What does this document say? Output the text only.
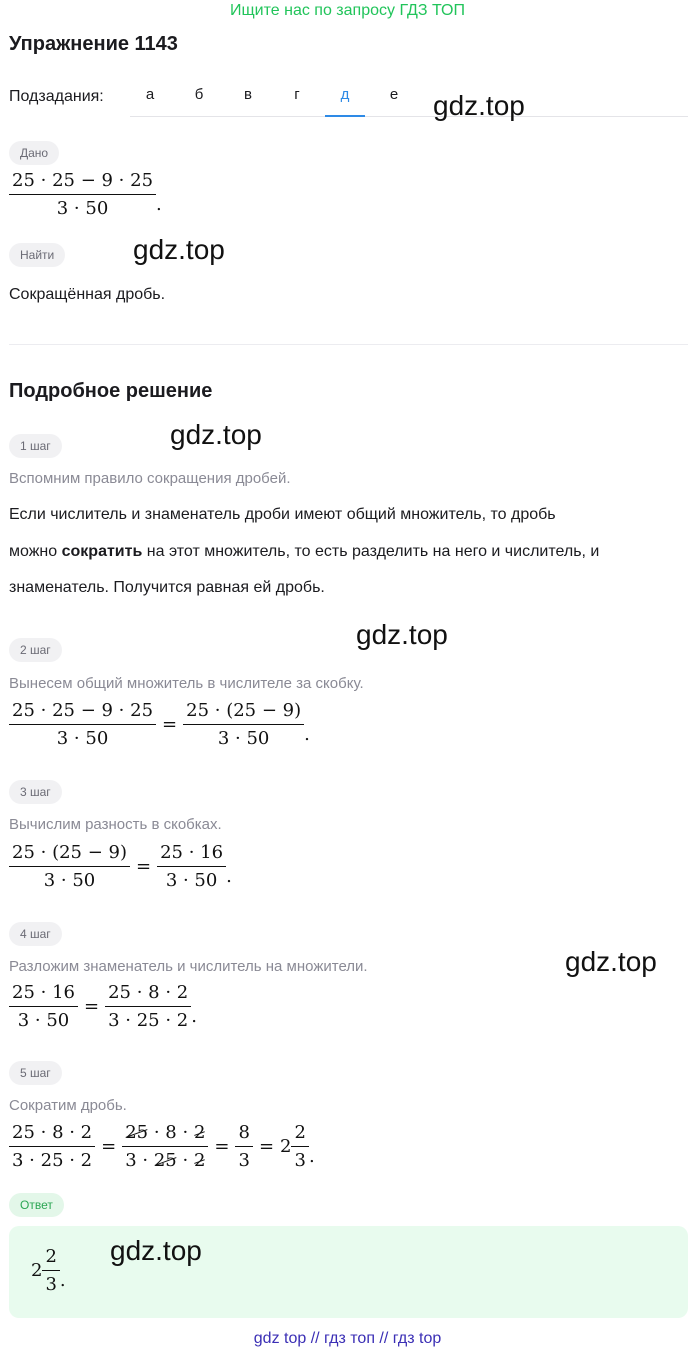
Ищите нас по запросу ГДЗ ТОП
Упражнение 1143
Подзадания:	а	б	в	г	д	е	gdz.top
Дано
$\frac{25 \cdot 25 - 9 \cdot 25}{3 \cdot 50}$ .
Найти	gdz.top
Сокращённая дробь.
Подробное решение
1 шаг	gdz.top
Вспомним правило сокращения дробей.
Если числитель и знаменатель дроби имеют общий множитель, то дробь
можно сократить на этот множитель, то есть разделить на него и числитель, и
знаменатель. Получится равная ей дробь.
gdz.top
2 шаг
Вынесем общий множитель в числителе за скобку.
$\frac{25 \cdot 25 - 9 \cdot 25}{3 \cdot 50} = \frac{25 \cdot (25 - 9)}{3 \cdot 50}$ .
3 шаг
Вычислим разность в скобках.
$\frac{25 \cdot (25 - 9)}{3 \cdot 50} = \frac{25 \cdot 16}{3 \cdot 50}$ .
4 шаг
gdz.top
Разложим знаменатель и числитель на множители.
$\frac{25 \cdot 16}{3 \cdot 50} = \frac{25 \cdot 8 \cdot 2}{3 \cdot 25 \cdot 2}$ .
5 шаг
Сократим дробь.
$\frac{25 \cdot 8 \cdot 2}{3 \cdot 25 \cdot 2} = \frac{25 \cdot 8 \cdot 2}{3 \cdot 25 \cdot 2} = \frac{8}{3} = 2 \frac{2}{3}$ .
Ответ
gdz.top
$2 \frac{2}{3}$ .
gdz top // гдз топ // гдз top
